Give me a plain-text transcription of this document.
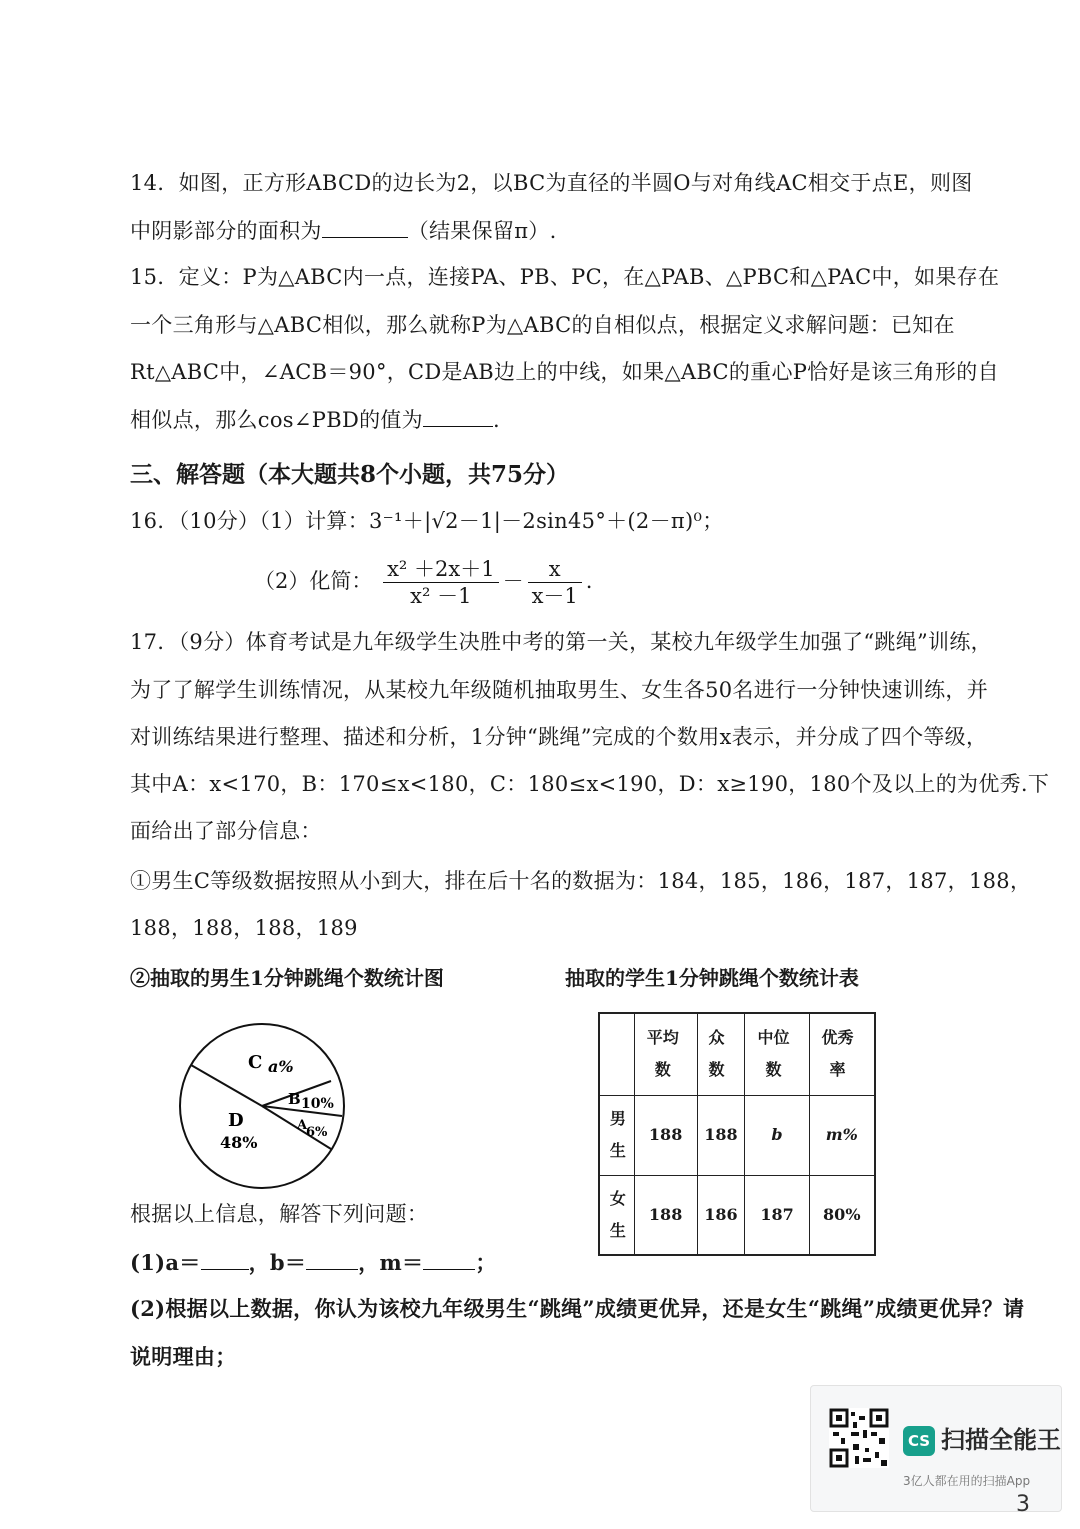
14．如图，正方形ABCD的边长为2，以BC为直径的半圆O与对角线AC相交于点E，则图
中阴影部分的面积为	（结果保留π）.
15．定义：P为△ABC内一点，连接PA、PB、PC，在△PAB、△PBC和△PAC中，如果存在
一个三角形与△ABC相似，那么就称P为△ABC的自相似点，根据定义求解问题：已知在
Rt△ABC中，∠ACB＝90°，CD是AB边上的中线，如果△ABC的重心P恰好是该三角形的自
相似点，那么cos∠PBD的值为	.
三、解答题（本大题共8个小题，共75分）
16．（10分）（1）计算：3⁻¹＋|√2－1|－2sin45°＋(2－π)⁰；
（2）化简： $\frac{\text{x² ＋2x＋1}}{\text{x² －1}} - \frac{x}{x-1}$ .
17．（9分）体育考试是九年级学生决胜中考的第一关，某校九年级学生加强了“跳绳”训练，
为了了解学生训练情况，从某校九年级随机抽取男生、女生各50名进行一分钟快速训练，并
对训练结果进行整理、描述和分析，1分钟“跳绳”完成的个数用x表示，并分成了四个等级，
其中A：x<170，B：170≤x<180，C：180≤x<190，D：x≥190，180个及以上的为优秀.下
面给出了部分信息：
①男生C等级数据按照从小到大，排在后十名的数据为：184，185，186，187，187，188，
188，188，188，189
②抽取的男生1分钟跳绳个数统计图	抽取的学生1分钟跳绳个数统计表
C a%
B 10%
A
6%
D
48%
	平均数	众数	中位数	优秀率
男生	188	188	b	m%
女生	188	186	187	80%
根据以上信息，解答下列问题：
(1)a＝ ，b＝ ，m＝ ；
(2)根据以上数据，你认为该校九年级男生“跳绳”成绩更优异，还是女生“跳绳”成绩更优异？请
说明理由；
CS 扫描全能王
3亿人都在用的扫描App
3
